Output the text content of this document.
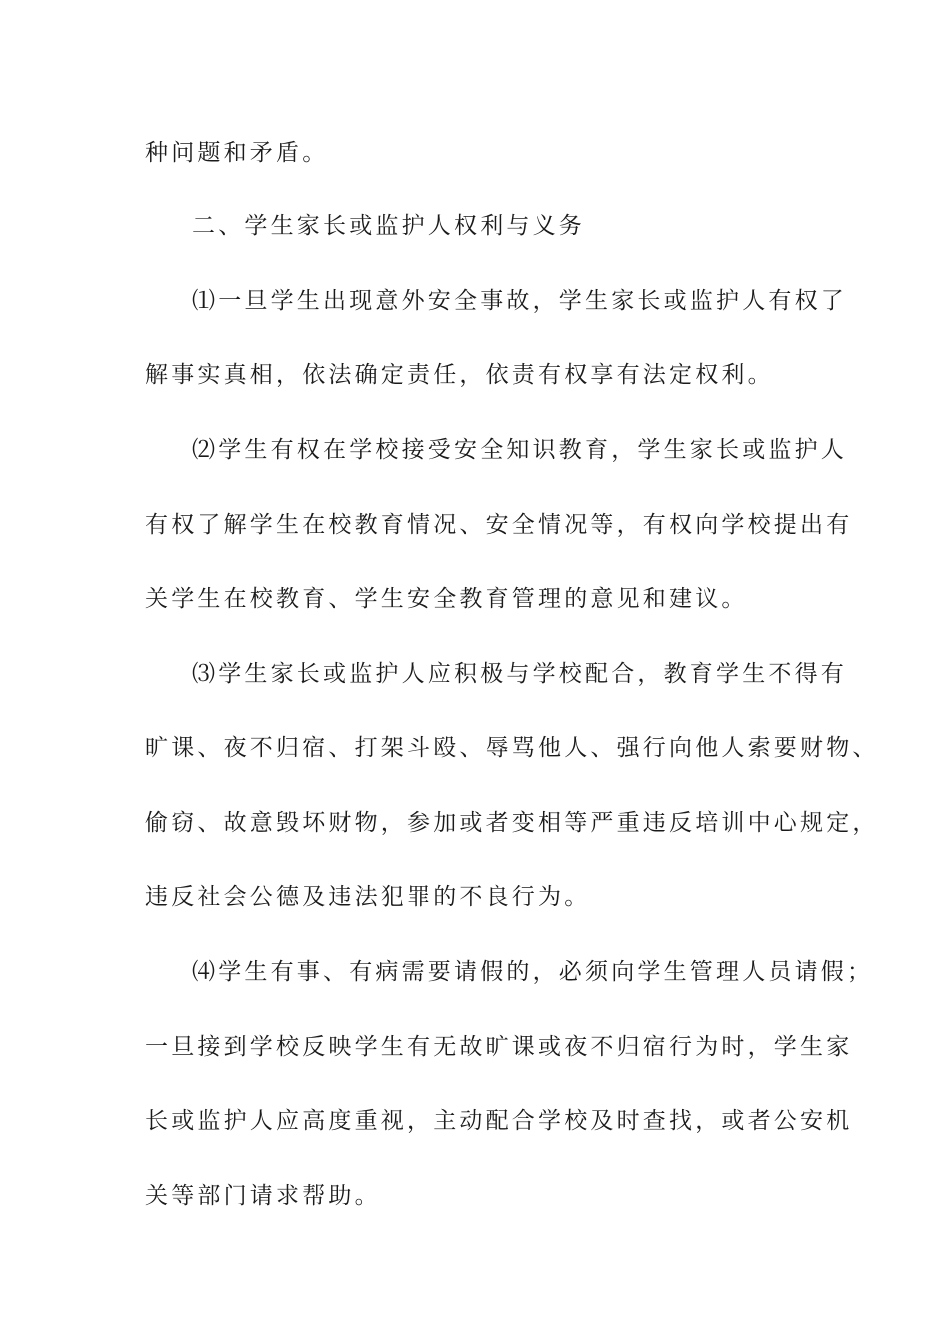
种问题和矛盾。
二、学生家长或监护人权利与义务
⑴一旦学生出现意外安全事故，学生家长或监护人有权了
解事实真相，依法确定责任，依责有权享有法定权利。
⑵学生有权在学校接受安全知识教育，学生家长或监护人
有权了解学生在校教育情况、安全情况等，有权向学校提出有
关学生在校教育、学生安全教育管理的意见和建议。
⑶学生家长或监护人应积极与学校配合，教育学生不得有
旷课、夜不归宿、打架斗殴、辱骂他人、强行向他人索要财物、
偷窃、故意毁坏财物，参加或者变相等严重违反培训中心规定，
违反社会公德及违法犯罪的不良行为。
⑷学生有事、有病需要请假的，必须向学生管理人员请假；
一旦接到学校反映学生有无故旷课或夜不归宿行为时，学生家
长或监护人应高度重视，主动配合学校及时查找，或者公安机
关等部门请求帮助。
